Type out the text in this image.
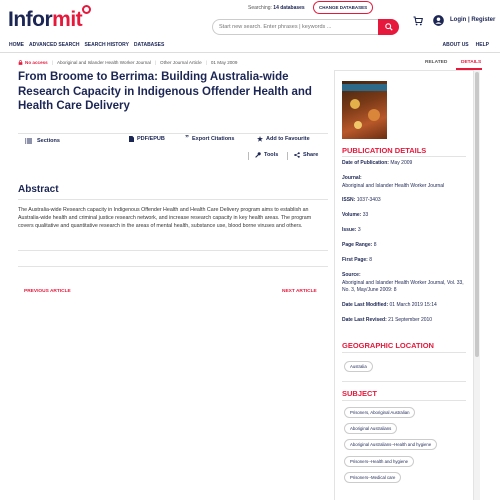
Informit	Searching: 14 databases	CHANGE DATABASES
Start new search. Enter phrases | keywords ...
Login | Register
HOME ADVANCED SEARCH SEARCH HISTORY DATABASES	ABOUT US HELP
No access | Aboriginal and Islander Health Worker Journal | Other Journal Article | 01 May 2009
From Broome to Berrima: Building Australia-wide Research Capacity in Indigenous Offender Health and Health Care Delivery
Sections	PDF/EPUB	” Export Citations	Add to Favourite
Tools	Share
Abstract

The Australia-wide Research capacity in Indigenous Offender Health and Health Care Delivery program aims to establish an Australia-wide health and criminal justice research network, and increase research capacity in key health areas. The program covers qualitative and quantitative research in the areas of mental health, substance use, blood borne viruses and others.

PREVIOUS ARTICLE	NEXT ARTICLE
RELATED	DETAILS
PUBLICATION DETAILS
Date of Publication: May 2009
Journal:
Aboriginal and Islander Health Worker Journal
ISSN: 1037-3403
Volume: 33
Issue: 3
Page Range: 8
First Page: 8
Source:
Aboriginal and Islander Health Worker Journal, Vol. 33, No. 3, May/June 2009: 8
Date Last Modified: 01 March 2019 15:14
Date Last Revised: 21 September 2010
GEOGRAPHIC LOCATION
Australia
SUBJECT
Prisoners, Aboriginal Australian
Aboriginal Australians
Aboriginal Australians--Health and hygiene
Prisoners--Health and hygiene
Prisoners--Medical care
